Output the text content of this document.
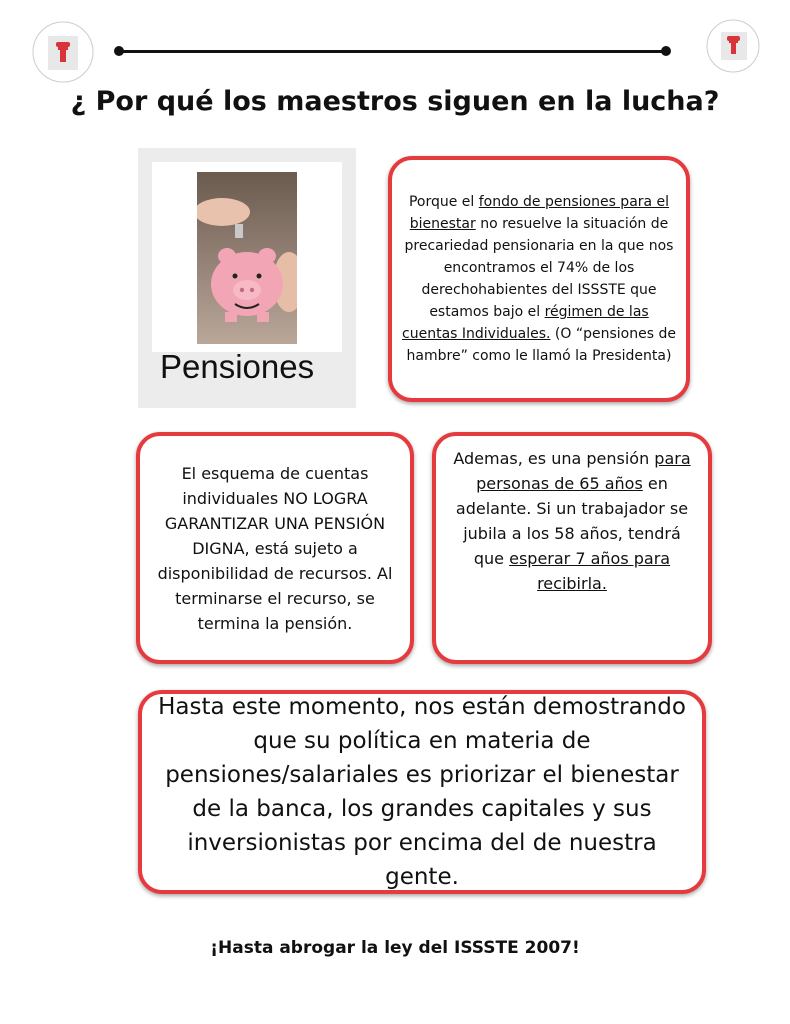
¿ Por qué los maestros siguen en la lucha?
Pensiones

Porque el fondo de pensiones para el bienestar no resuelve la situación de precariedad pensionaria en la que nos encontramos el 74% de los derechohabientes del ISSSTE que estamos bajo el régimen de las cuentas Individuales. (O “pensiones de hambre” como le llamó la Presidenta)

El esquema de cuentas individuales NO LOGRA GARANTIZAR UNA PENSIÓN DIGNA, está sujeto a disponibilidad de recursos. Al terminarse el recurso, se termina la pensión.

Ademas, es una pensión para personas de 65 años en adelante. Si un trabajador se jubila a los 58 años, tendrá que esperar 7 años para recibirla.

Hasta este momento, nos están demostrando que su política en materia de pensiones/salariales es priorizar el bienestar de la banca, los grandes capitales y sus inversionistas por encima del de nuestra gente.

¡Hasta abrogar la ley del ISSSTE 2007!
